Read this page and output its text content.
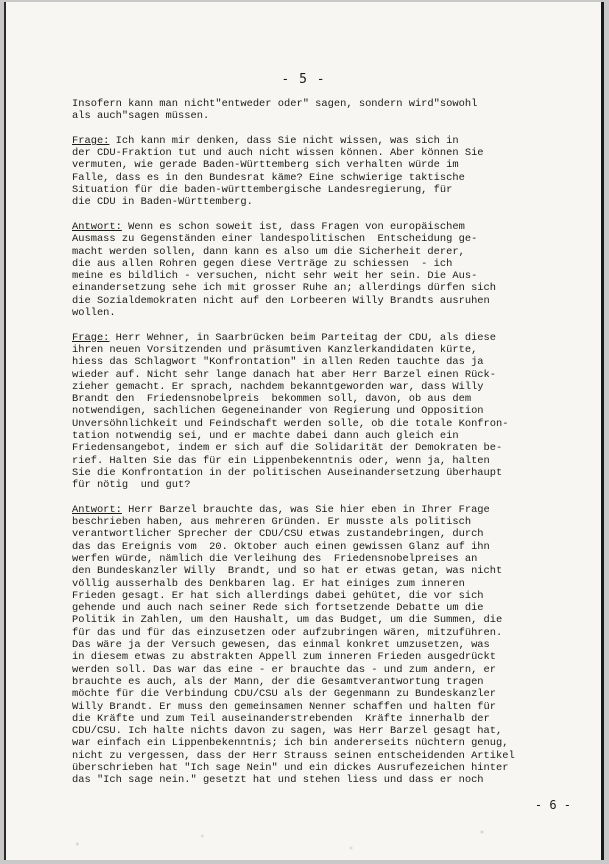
- 5 -
Insofern kann man nicht"entweder oder" sagen, sondern wird"sowohl
als auch"sagen müssen.
Frage: Ich kann mir denken, dass Sie nicht wissen, was sich in
der CDU-Fraktion tut und auch nicht wissen können. Aber können Sie
vermuten, wie gerade Baden-Württemberg sich verhalten würde im
Falle, dass es in den Bundesrat käme? Eine schwierige taktische
Situation für die baden-württembergische Landesregierung, für
die CDU in Baden-Württemberg.
Antwort: Wenn es schon soweit ist, dass Fragen von europäischem
Ausmass zu Gegenständen einer landespolitischen  Entscheidung ge-
macht werden sollen, dann kann es also um die Sicherheit derer,
die aus allen Rohren gegen diese Verträge zu schiessen  - ich
meine es bildlich - versuchen, nicht sehr weit her sein. Die Aus-
einandersetzung sehe ich mit grosser Ruhe an; allerdings dürfen sich
die Sozialdemokraten nicht auf den Lorbeeren Willy Brandts ausruhen
wollen.
Frage: Herr Wehner, in Saarbrücken beim Parteitag der CDU, als diese
ihren neuen Vorsitzenden und präsumtiven Kanzlerkandidaten kürte,
hiess das Schlagwort "Konfrontation" in allen Reden tauchte das ja
wieder auf. Nicht sehr lange danach hat aber Herr Barzel einen Rück-
zieher gemacht. Er sprach, nachdem bekanntgeworden war, dass Willy
Brandt den  Friedensnobelpreis  bekommen soll, davon, ob aus dem
notwendigen, sachlichen Gegeneinander von Regierung und Opposition
Unversöhnlichkeit und Feindschaft werden solle, ob die totale Konfron-
tation notwendig sei, und er machte dabei dann auch gleich ein
Friedensangebot, indem er sich auf die Solidarität der Demokraten be-
rief. Halten Sie das für ein Lippenbekenntnis oder, wenn ja, halten
Sie die Konfrontation in der politischen Auseinandersetzung überhaupt
für nötig  und gut?
Antwort: Herr Barzel brauchte das, was Sie hier eben in Ihrer Frage
beschrieben haben, aus mehreren Gründen. Er musste als politisch
verantwortlicher Sprecher der CDU/CSU etwas zustandebringen, durch
das das Ereignis vom  20. Oktober auch einen gewissen Glanz auf ihn
werfen würde, nämlich die Verleihung des  Friedensnobelpreises an
den Bundeskanzler Willy  Brandt, und so hat er etwas getan, was nicht
völlig ausserhalb des Denkbaren lag. Er hat einiges zum inneren
Frieden gesagt. Er hat sich allerdings dabei gehütet, die vor sich
gehende und auch nach seiner Rede sich fortsetzende Debatte um die
Politik in Zahlen, um den Haushalt, um das Budget, um die Summen, die
für das und für das einzusetzen oder aufzubringen wären, mitzuführen.
Das wäre ja der Versuch gewesen, das einmal konkret umzusetzen, was
in diesem etwas zu abstrakten Appell zum inneren Frieden ausgedrückt
werden soll. Das war das eine - er brauchte das - und zum andern, er
brauchte es auch, als der Mann, der die Gesamtverantwortung tragen
möchte für die Verbindung CDU/CSU als der Gegenmann zu Bundeskanzler
Willy Brandt. Er muss den gemeinsamen Nenner schaffen und halten für
die Kräfte und zum Teil auseinanderstrebenden  Kräfte innerhalb der
CDU/CSU. Ich halte nichts davon zu sagen, was Herr Barzel gesagt hat,
war einfach ein Lippenbekenntnis; ich bin andererseits nüchtern genug,
nicht zu vergessen, dass der Herr Strauss seinen entscheidenden Artikel
überschrieben hat "Ich sage Nein" und ein dickes Ausrufezeichen hinter
das "Ich sage nein." gesetzt hat und stehen liess und dass er noch
- 6 -
